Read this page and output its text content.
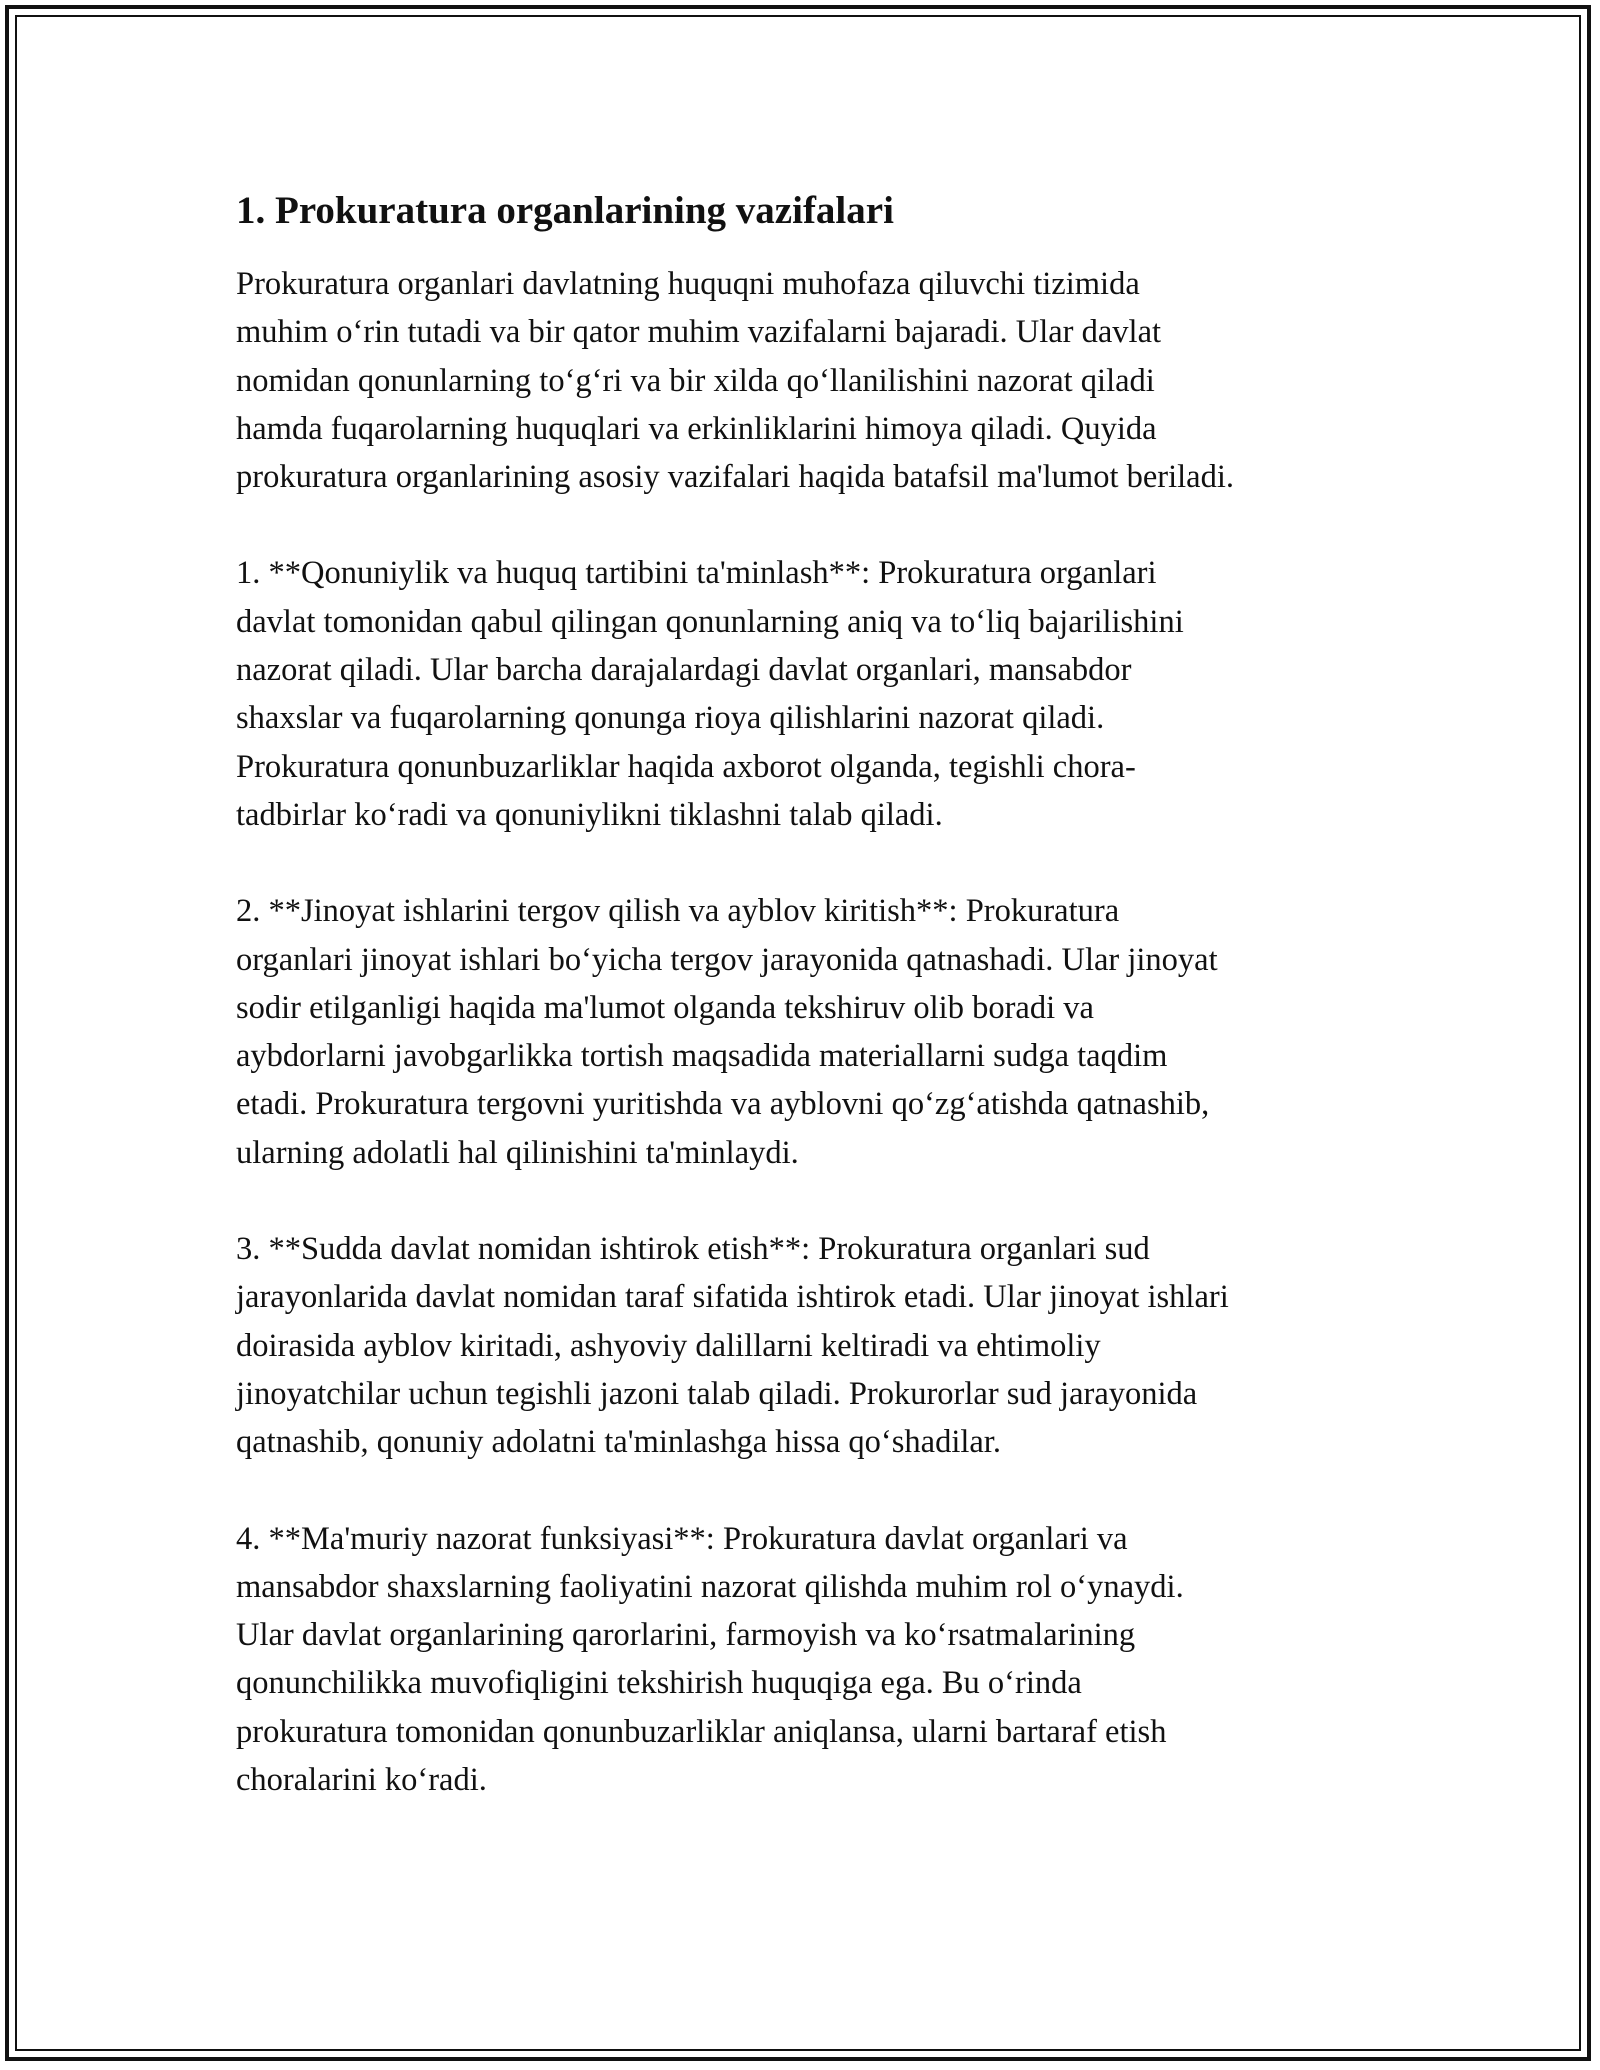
1. Prokuratura organlarining vazifalari

Prokuratura organlari davlatning huquqni muhofaza qiluvchi tizimida
muhim o‘rin tutadi va bir qator muhim vazifalarni bajaradi. Ular davlat
nomidan qonunlarning to‘g‘ri va bir xilda qo‘llanilishini nazorat qiladi
hamda fuqarolarning huquqlari va erkinliklarini himoya qiladi. Quyida
prokuratura organlarining asosiy vazifalari haqida batafsil ma'lumot beriladi.

1. **Qonuniylik va huquq tartibini ta'minlash**: Prokuratura organlari
davlat tomonidan qabul qilingan qonunlarning aniq va to‘liq bajarilishini
nazorat qiladi. Ular barcha darajalardagi davlat organlari, mansabdor
shaxslar va fuqarolarning qonunga rioya qilishlarini nazorat qiladi.
Prokuratura qonunbuzarliklar haqida axborot olganda, tegishli chora-
tadbirlar ko‘radi va qonuniylikni tiklashni talab qiladi.

2. **Jinoyat ishlarini tergov qilish va ayblov kiritish**: Prokuratura
organlari jinoyat ishlari bo‘yicha tergov jarayonida qatnashadi. Ular jinoyat
sodir etilganligi haqida ma'lumot olganda tekshiruv olib boradi va
aybdorlarni javobgarlikka tortish maqsadida materiallarni sudga taqdim
etadi. Prokuratura tergovni yuritishda va ayblovni qo‘zg‘atishda qatnashib,
ularning adolatli hal qilinishini ta'minlaydi.

3. **Sudda davlat nomidan ishtirok etish**: Prokuratura organlari sud
jarayonlarida davlat nomidan taraf sifatida ishtirok etadi. Ular jinoyat ishlari
doirasida ayblov kiritadi, ashyoviy dalillarni keltiradi va ehtimoliy
jinoyatchilar uchun tegishli jazoni talab qiladi. Prokurorlar sud jarayonida
qatnashib, qonuniy adolatni ta'minlashga hissa qo‘shadilar.

4. **Ma'muriy nazorat funksiyasi**: Prokuratura davlat organlari va
mansabdor shaxslarning faoliyatini nazorat qilishda muhim rol o‘ynaydi.
Ular davlat organlarining qarorlarini, farmoyish va ko‘rsatmalarining
qonunchilikka muvofiqligini tekshirish huquqiga ega. Bu o‘rinda
prokuratura tomonidan qonunbuzarliklar aniqlansa, ularni bartaraf etish
choralarini ko‘radi.
